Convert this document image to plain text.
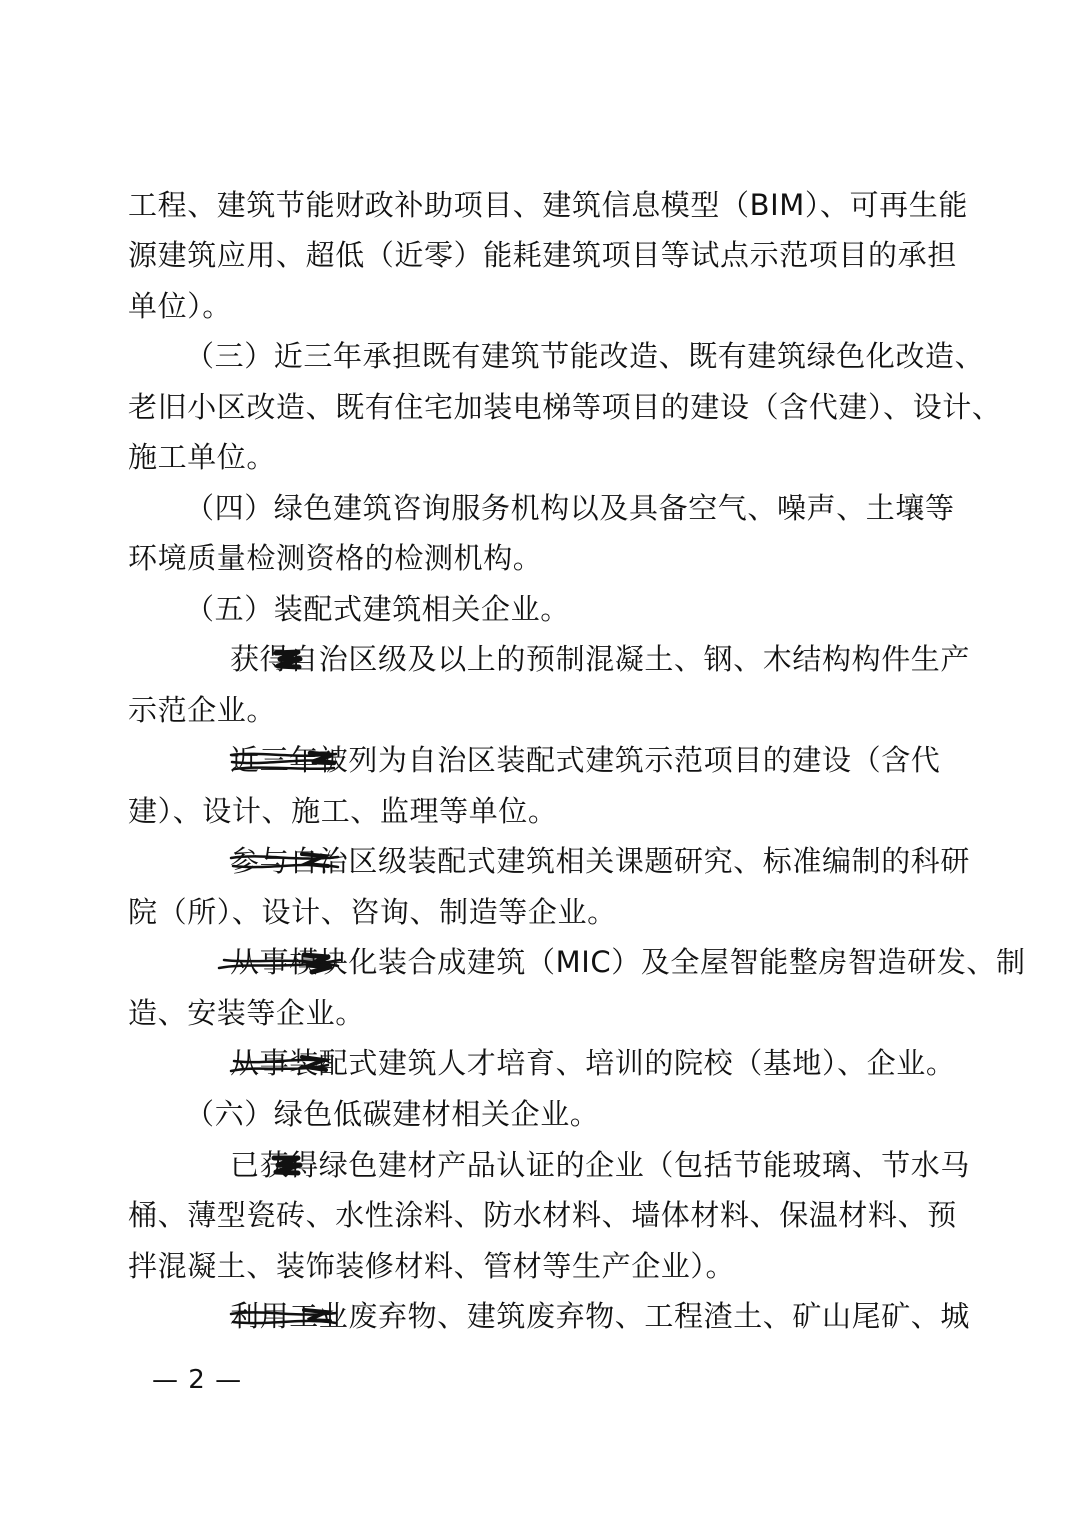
工程、建筑节能财政补助项目、建筑信息模型（BIM）、可再生能
源建筑应用、超低（近零）能耗建筑项目等试点示范项目的承担
单位）。
（三）近三年承担既有建筑节能改造、既有建筑绿色化改造、
老旧小区改造、既有住宅加装电梯等项目的建设（含代建）、设计、
施工单位。
（四）绿色建筑咨询服务机构以及具备空气、噪声、土壤等
环境质量检测资格的检测机构。
（五）装配式建筑相关企业。
获得自治区级及以上的预制混凝土、钢、木结构构件生产
示范企业。
近三年被列为自治区装配式建筑示范项目的建设（含代
建）、设计、施工、监理等单位。
参与自治区级装配式建筑相关课题研究、标准编制的科研
院（所）、设计、咨询、制造等企业。
从事模块化装合成建筑（MIC）及全屋智能整房智造研发、制
造、安装等企业。
从事装配式建筑人才培育、培训的院校（基地）、企业。
（六）绿色低碳建材相关企业。
已获得绿色建材产品认证的企业（包括节能玻璃、节水马
桶、薄型瓷砖、水性涂料、防水材料、墙体材料、保温材料、预
拌混凝土、装饰装修材料、管材等生产企业）。
利用工业废弃物、建筑废弃物、工程渣土、矿山尾矿、城
— 2 —
